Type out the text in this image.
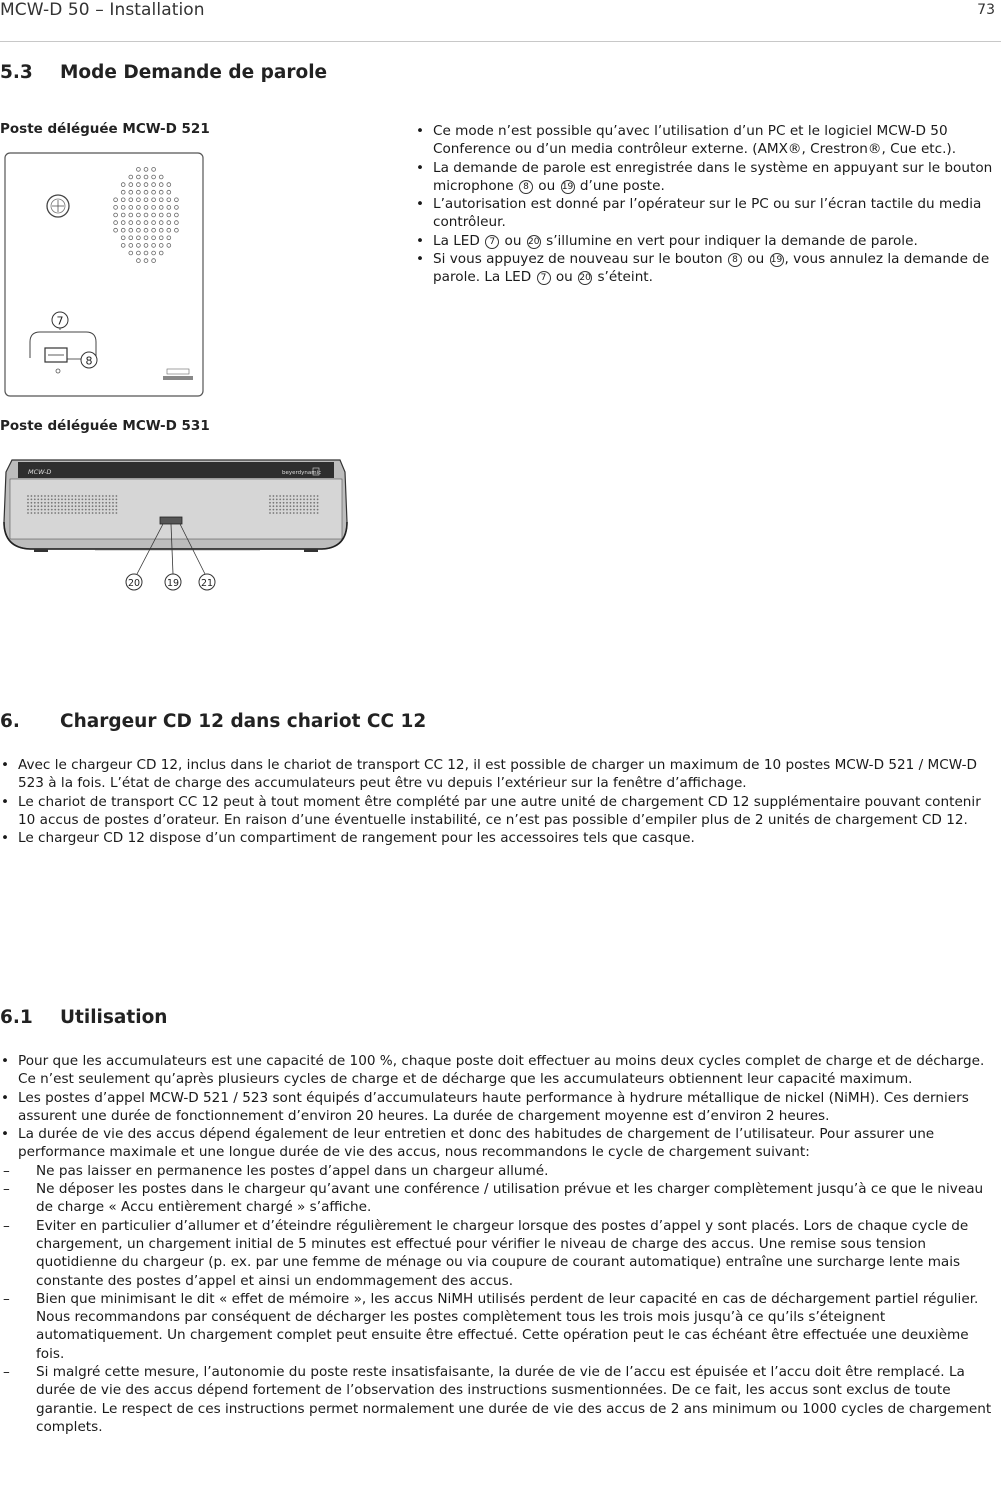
MCW-D 50 – Installation	73
5.3 Mode Demande de parole
Poste déléguée MCW-D 521
7
8
Poste déléguée MCW-D 531
MCW-D	beyerdynamic
20	19 21
• Ce mode n’est possible qu’avec l’utilisation d’un PC et le logiciel MCW-D 50 Conference ou d’un media contrôleur externe. (AMX®, Crestron®, Cue etc.).
• La demande de parole est enregistrée dans le système en appuyant sur le bouton microphone 8 ou 19 d’une poste.
• L’autorisation est donné par l’opérateur sur le PC ou sur l’écran tactile du media contrôleur.
• La LED 7 ou 20 s’illumine en vert pour indiquer la demande de parole.
• Si vous appuyez de nouveau sur le bouton 8 ou 19 , vous annulez la demande de parole. La LED 7 ou 20 s’éteint.
6. Chargeur CD 12 dans chariot CC 12
• Avec le chargeur CD 12, inclus dans le chariot de transport CC 12, il est possible de charger un maximum de 10 postes MCW-D 521 / MCW-D 523 à la fois. L’état de charge des accumulateurs peut être vu depuis l’extérieur sur la fenêtre d’affichage.
• Le chariot de transport CC 12 peut à tout moment être complété par une autre unité de chargement CD 12 supplémentaire pouvant contenir 10 accus de postes d’orateur. En raison d’une éventuelle instabilité, ce n’est pas possible d’empiler plus de 2 unités de chargement CD 12.
• Le chargeur CD 12 dispose d’un compartiment de rangement pour les accessoires tels que casque.
6.1 Utilisation
• Pour que les accumulateurs est une capacité de 100 %, chaque poste doit effectuer au moins deux cycles complet de charge et de décharge. Ce n’est seulement qu’après plusieurs cycles de charge et de décharge que les accumulateurs obtiennent leur capacité maximum.
• Les postes d’appel MCW-D 521 / 523 sont équipés d’accumulateurs haute performance à hydrure métallique de nickel (NiMH). Ces derniers assurent une durée de fonctionnement d’environ 20 heures. La durée de chargement moyenne est d’environ 2 heures.
• La durée de vie des accus dépend également de leur entretien et donc des habitudes de chargement de l’utilisateur. Pour assurer une performance maximale et une longue durée de vie des accus, nous recommandons le cycle de chargement suivant:
– Ne pas laisser en permanence les postes d’appel dans un chargeur allumé.
– Ne déposer les postes dans le chargeur qu’avant une conférence / utilisation prévue et les charger complètement jusqu’à ce que le niveau de charge « Accu entièrement chargé » s’affiche.
– Eviter en particulier d’allumer et d’éteindre régulièrement le chargeur lorsque des postes d’appel y sont placés. Lors de chaque cycle de chargement, un chargement initial de 5 minutes est effectué pour vérifier le niveau de charge des accus. Une remise sous tension quotidienne du chargeur (p. ex. par une femme de ménage ou via coupure de courant automatique) entraîne une surcharge lente mais constante des postes d’appel et ainsi un endommagement des accus.
– Bien que minimisant le dit « effet de mémoire », les accus NiMH utilisés perdent de leur capacité en cas de déchargement partiel régulier. Nous recommandons par conséquent de décharger les postes complètement tous les trois mois jusqu’à ce qu’ils s’éteignent automatiquement. Un chargement complet peut ensuite être effectué. Cette opération peut le cas échéant être effectuée une deuxième fois.
– Si malgré cette mesure, l’autonomie du poste reste insatisfaisante, la durée de vie de l’accu est épuisée et l’accu doit être remplacé. La durée de vie des accus dépend fortement de l’observation des instructions susmentionnées. De ce fait, les accus sont exclus de toute garantie. Le respect de ces instructions permet normalement une durée de vie des accus de 2 ans minimum ou 1000 cycles de chargement complets.
